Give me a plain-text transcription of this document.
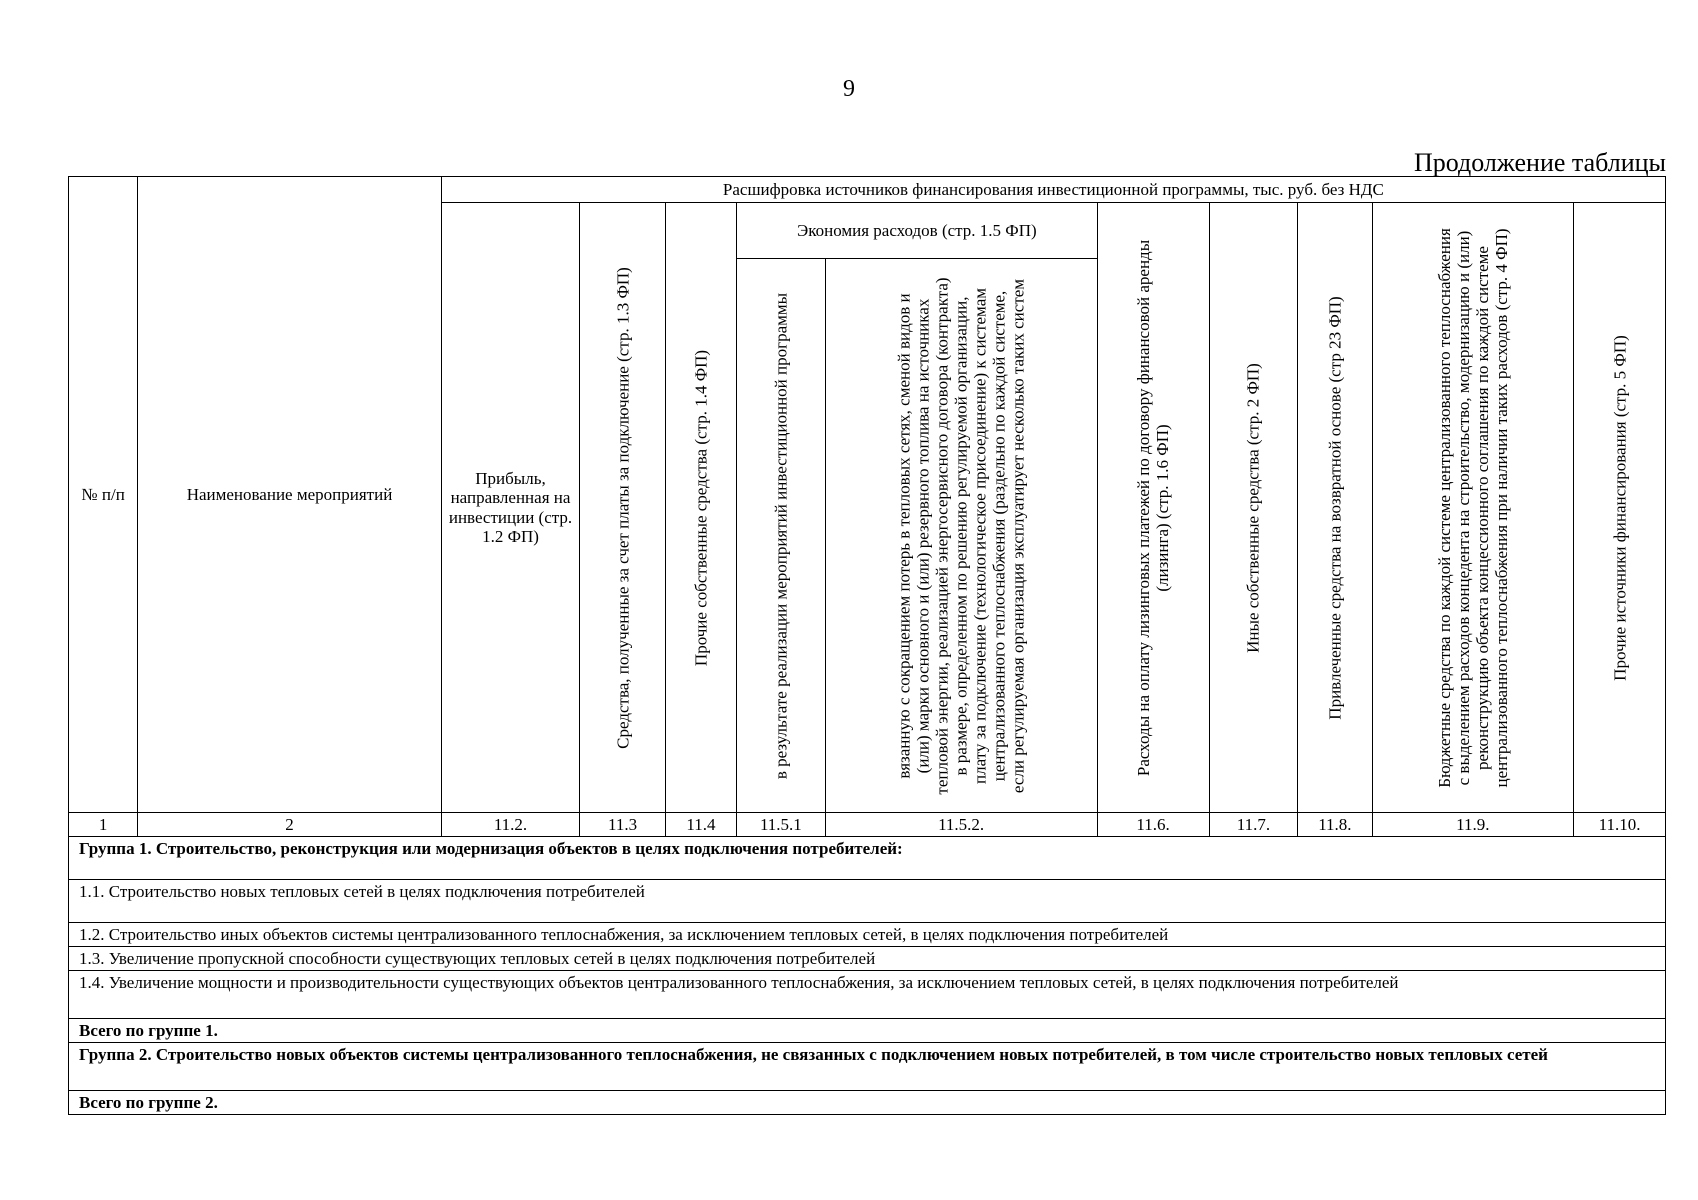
9
Продолжение таблицы
№ п/п	Наименование мероприятий	Расшифровка источников финансирования инвестиционной программы, тыс. руб. без НДС									
		Прибыль, направленная на инвестиции (стр. 1.2 ФП)	Средства, полученные за счет платы за подключение (стр. 1.3 ФП)	Прочие собственные средства (стр. 1.4 ФП)	Экономия расходов (стр. 1.5 ФП)		Расходы на оплату лизинговых платежей по договору финансовой аренды (лизинга) (стр. 1.6 ФП)	Иные собственные средства (стр. 2 ФП)	Привлеченные средства на возвратной основе (стр 23 ФП)	Бюджетные средства по каждой системе централизованного теплоснабжения с выделением расходов концедента на строительство, модернизацию и (или) реконструкцию объекта концессионного соглашения по каждой системе централизованного теплоснабжения при наличии таких расходов (стр. 4 ФП)	Прочие источники финансирования (стр. 5 ФП)

					в результате реализации мероприятий инвестиционной программы	вязанную с сокращением потерь в тепловых сетях, сменой видов и (или) марки основного и (или) резервного топлива на источниках тепловой энергии, реализацией энергосервисного договора (контракта) в размере, определенном по решению регулируемой организации, плату за подключение (технологическое присоединение) к системам централизованного теплоснабжения (раздельно по каждой системе, если регулируемая организация эксплуатирует несколько таких систем					

1	2	11.2.	11.3	11.4	11.5.1	11.5.2.	11.6.	11.7.	11.8.	11.9.	11.10.
Группа 1. Строительство, реконструкция или модернизация объектов в целях подключения потребителей:											
1.1. Строительство новых тепловых сетей в целях подключения потребителей											
1.2. Строительство иных объектов системы централизованного теплоснабжения, за исключением тепловых сетей, в целях подключения потребителей											
1.3. Увеличение пропускной способности существующих тепловых сетей в целях подключения потребителей											
1.4. Увеличение мощности и производительности существующих объектов централизованного теплоснабжения, за исключением тепловых сетей, в целях подключения потребителей											
Всего по группе 1.											
Группа 2. Строительство новых объектов системы централизованного теплоснабжения, не связанных с подключением новых потребителей, в том числе строительство новых тепловых сетей											
Всего по группе 2.											
